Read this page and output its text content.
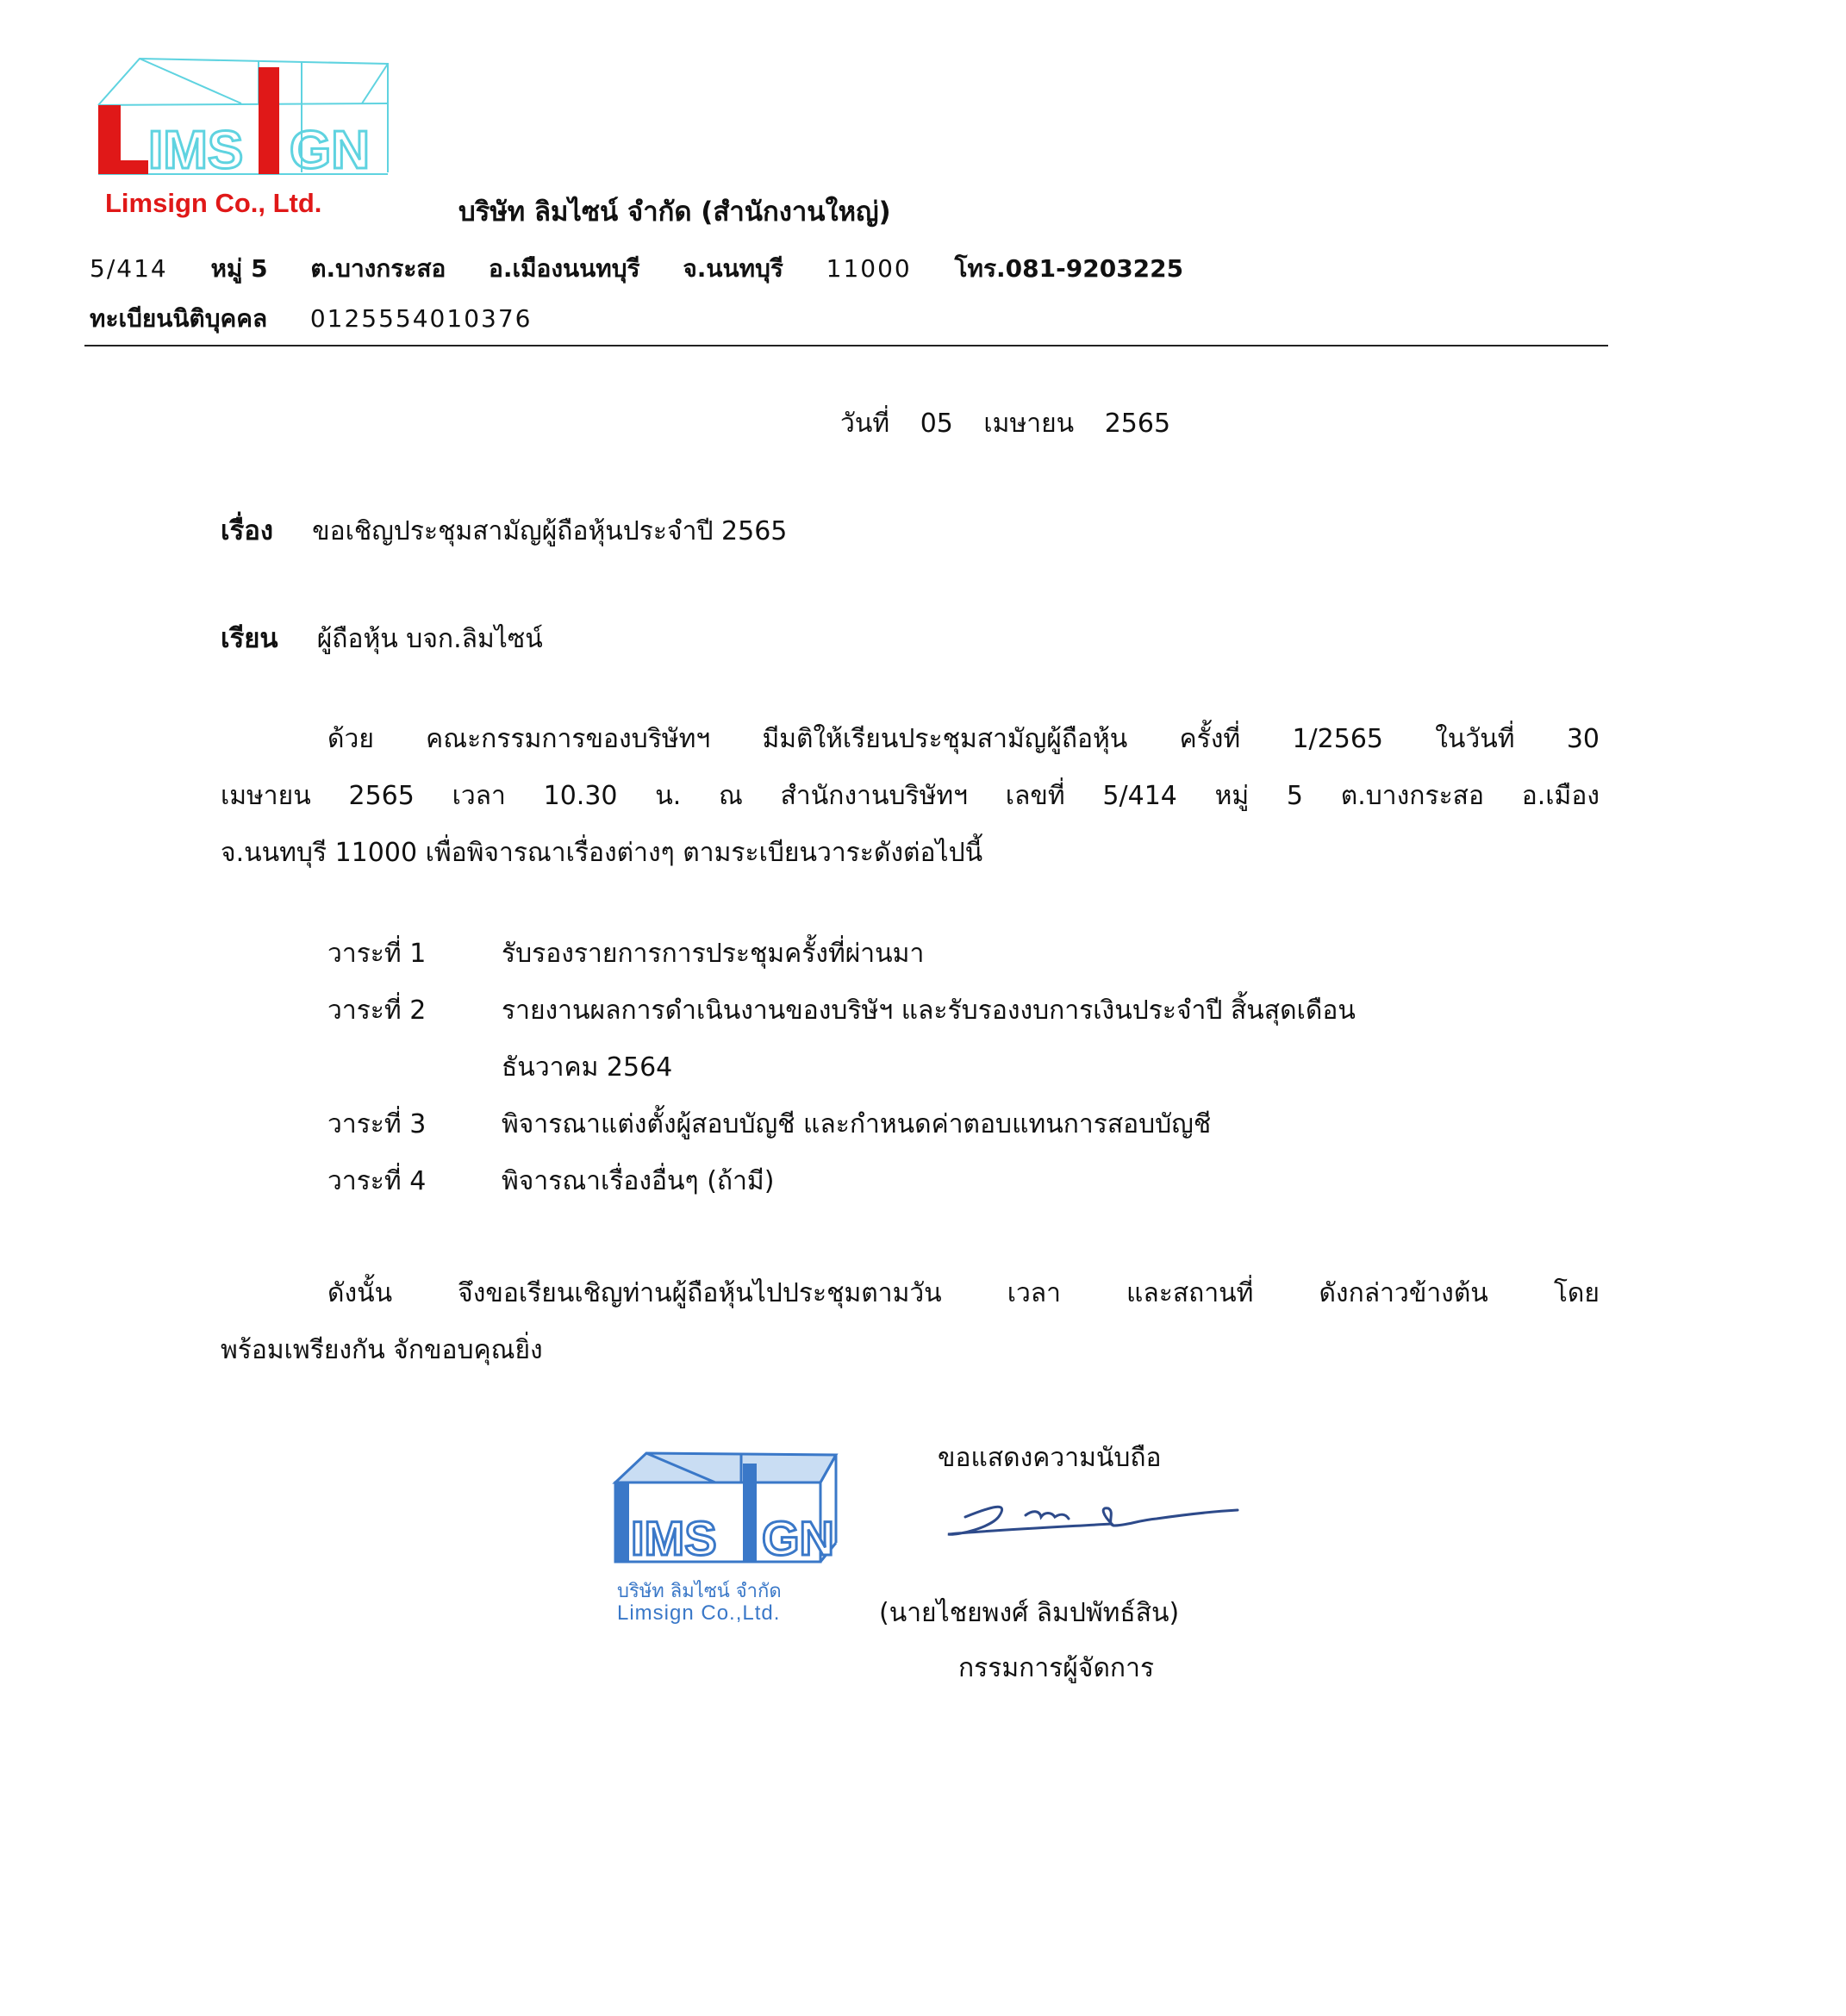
IMS GN
Limsign Co., Ltd.	บริษัท ลิมไซน์ จำกัด (สำนักงานใหญ่)
5/414 หมู่ 5 ต.บางกระสอ อ.เมืองนนทบุรี จ.นนทบุรี 11000 โทร.081-9203225
ทะเบียนนิติบุคคล 0125554010376
วันที่ 05 เมษายน 2565
เรื่อง ขอเชิญประชุมสามัญผู้ถือหุ้นประจำปี 2565
เรียน ผู้ถือหุ้น บจก.ลิมไซน์
ด้วย คณะกรรมการของบริษัทฯ มีมติให้เรียนประชุมสามัญผู้ถือหุ้น ครั้งที่ 1/2565 ในวันที่ 30
เมษายน 2565 เวลา 10.30 น. ณ สำนักงานบริษัทฯ เลขที่ 5/414 หมู่ 5 ต.บางกระสอ อ.เมือง
จ.นนทบุรี 11000 เพื่อพิจารณาเรื่องต่างๆ ตามระเบียนวาระดังต่อไปนี้
วาระที่ 1	รับรองรายการการประชุมครั้งที่ผ่านมา
วาระที่ 2	รายงานผลการดำเนินงานของบริษัฯ และรับรองงบการเงินประจำปี สิ้นสุดเดือน
ธันวาคม 2564
วาระที่ 3	พิจารณาแต่งตั้งผู้สอบบัญชี และกำหนดค่าตอบแทนการสอบบัญชี
วาระที่ 4	พิจารณาเรื่องอื่นๆ (ถ้ามี)
ดังนั้น จึงขอเรียนเชิญท่านผู้ถือหุ้นไปประชุมตามวัน เวลา และสถานที่ ดังกล่าวข้างต้น โดย
พร้อมเพรียงกัน จักขอบคุณยิ่ง
IMS GN
บริษัท ลิมไซน์ จำกัด
Limsign Co.,Ltd.
ขอแสดงความนับถือ
(นายไชยพงศ์ ลิมปพัทธ์สิน)
กรรมการผู้จัดการ
